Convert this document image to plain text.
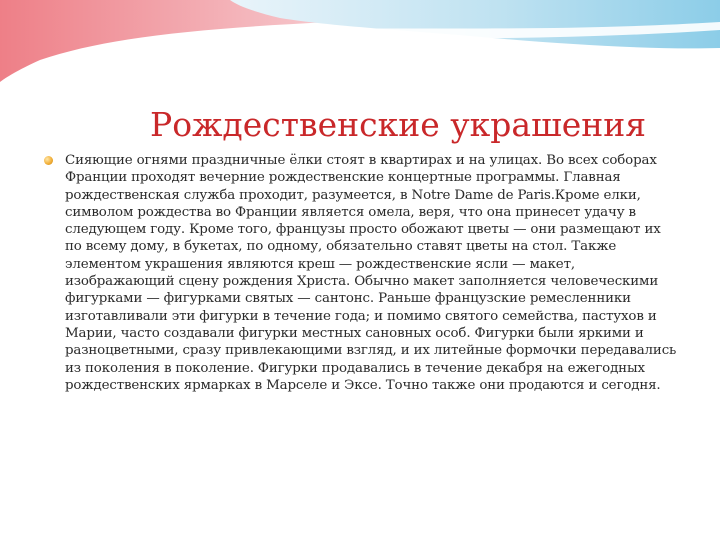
Рождественские украшения

Сияющие огнями праздничные ёлки стоят в квартирах и на улицах. Во всех соборах Франции проходят вечерние рождественские концертные программы. Главная рождественская служба проходит, разумеется, в Notre Dame de Paris.Кроме елки, символом рождества во Франции является омела, веря, что она принесет удачу в следующем году. Кроме того, французы просто обожают цветы — они размещают их по всему дому, в букетах, по одному, обязательно ставят цветы на стол. Также элементом украшения являются креш — рождественские ясли — макет, изображающий сцену рождения Христа. Обычно макет заполняется человеческими фигурками — фигурками святых — сантонс. Раньше французские ремесленники изготавливали эти фигурки в течение года; и помимо святого семейства, пастухов и Марии, часто создавали фигурки местных сановных особ. Фигурки были яркими и разноцветными, сразу привлекающими взгляд, и их литейные формочки передавались из поколения в поколение. Фигурки продавались в течение декабря на ежегодных рождественских ярмарках в Марселе и Эксе. Точно также они продаются и сегодня.
